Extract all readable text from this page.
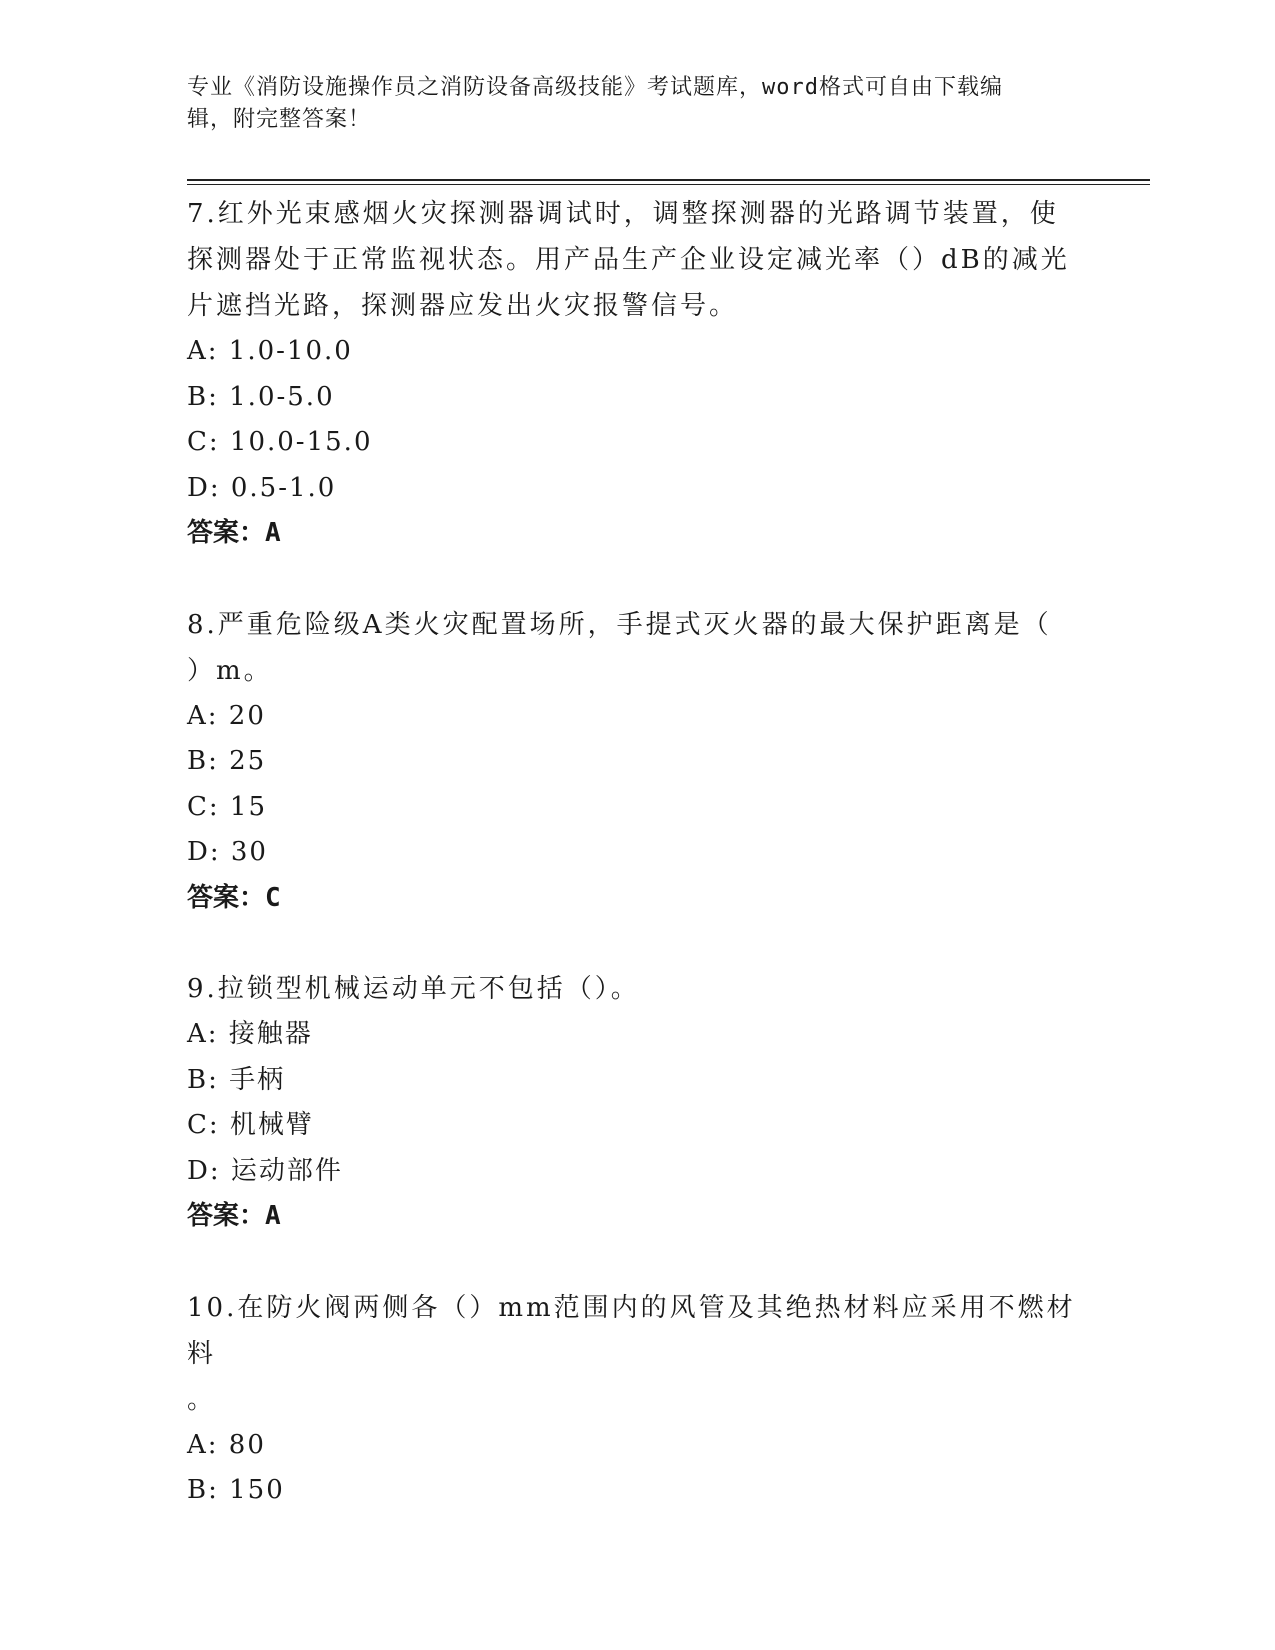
专业《消防设施操作员之消防设备高级技能》考试题库，word格式可自由下载编
辑，附完整答案！
7.红外光束感烟火灾探测器调试时，调整探测器的光路调节装置，使
探测器处于正常监视状态。用产品生产企业设定减光率（）dB的减光
片遮挡光路，探测器应发出火灾报警信号。
A: 1.0-10.0
B: 1.0-5.0
C: 10.0-15.0
D: 0.5-1.0
答案：A
8.严重危险级A类火灾配置场所，手提式灭火器的最大保护距离是（
）m。
A: 20
B: 25
C: 15
D: 30
答案：C
9.拉锁型机械运动单元不包括（）。
A: 接触器
B: 手柄
C: 机械臂
D: 运动部件
答案：A
10.在防火阀两侧各（）mm范围内的风管及其绝热材料应采用不燃材料
。
A: 80
B: 150
